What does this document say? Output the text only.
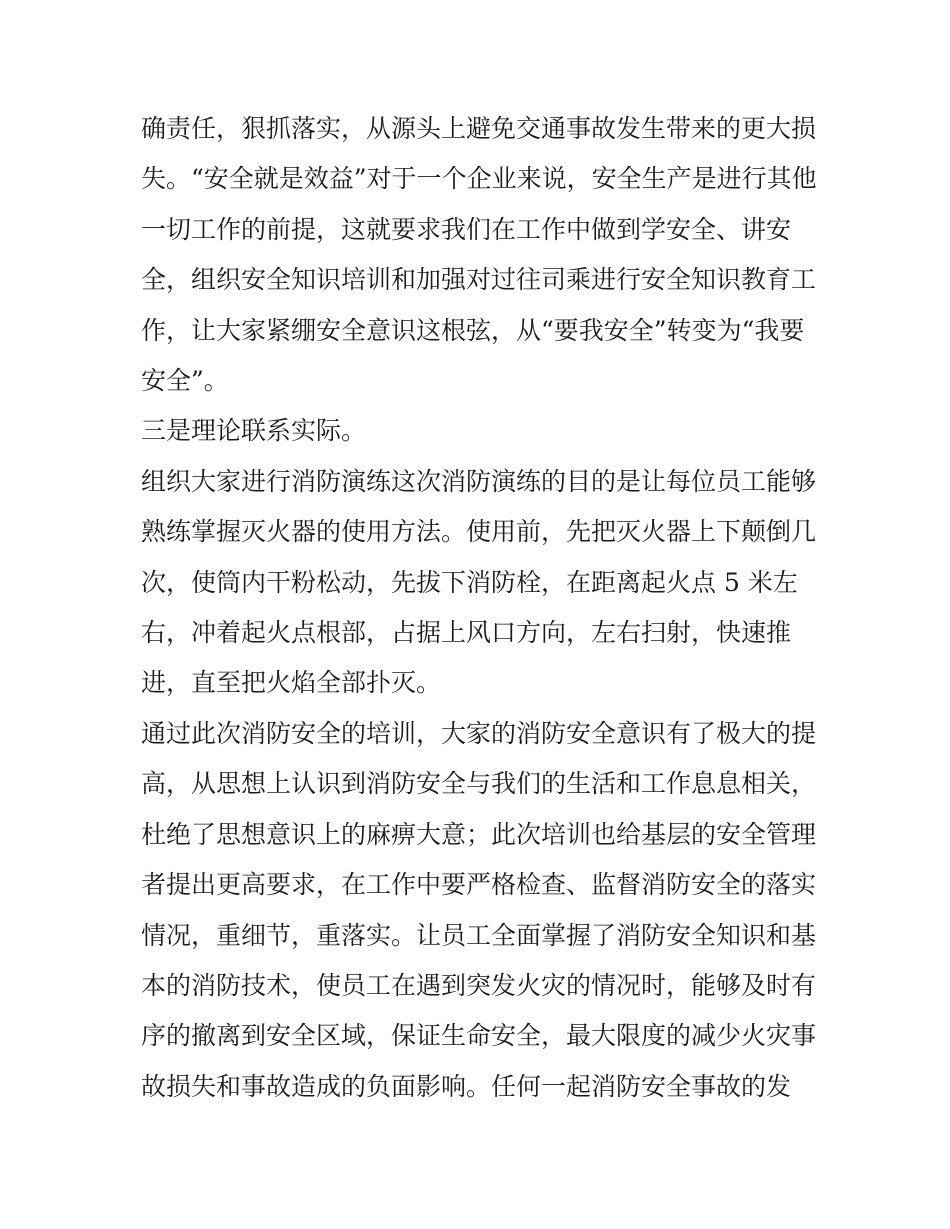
确责任，狠抓落实，从源头上避免交通事故发生带来的更大损失。“安全就是效益”对于一个企业来说，安全生产是进行其他一切工作的前提，这就要求我们在工作中做到学安全、讲安全，组织安全知识培训和加强对过往司乘进行安全知识教育工作，让大家紧绷安全意识这根弦，从“要我安全”转变为“我要安全”。

三是理论联系实际。

组织大家进行消防演练这次消防演练的目的是让每位员工能够熟练掌握灭火器的使用方法。使用前，先把灭火器上下颠倒几次，使筒内干粉松动，先拔下消防栓，在距离起火点 5 米左右，冲着起火点根部，占据上风口方向，左右扫射，快速推进，直至把火焰全部扑灭。

通过此次消防安全的培训，大家的消防安全意识有了极大的提高，从思想上认识到消防安全与我们的生活和工作息息相关，杜绝了思想意识上的麻痹大意；此次培训也给基层的安全管理者提出更高要求，在工作中要严格检查、监督消防安全的落实情况，重细节，重落实。让员工全面掌握了消防安全知识和基本的消防技术，使员工在遇到突发火灾的情况时，能够及时有序的撤离到安全区域，保证生命安全，最大限度的减少火灾事故损失和事故造成的负面影响。任何一起消防安全事故的发
